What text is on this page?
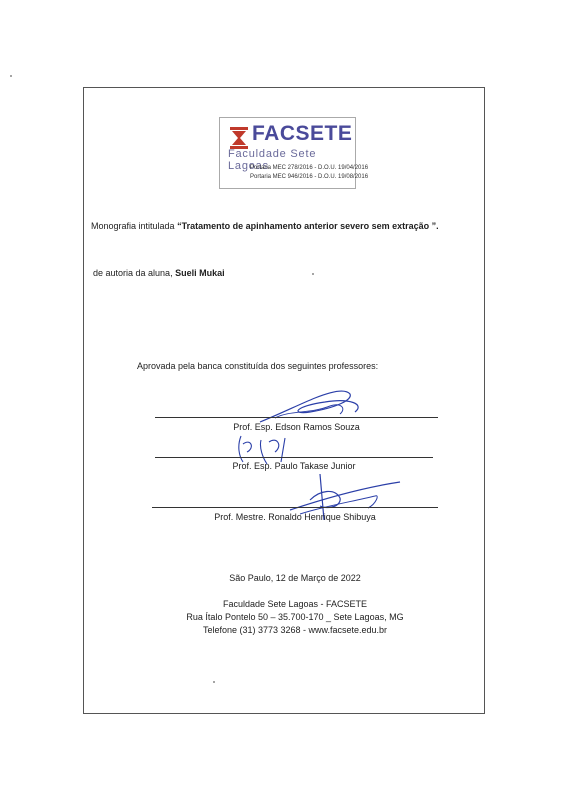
FACSETE
Faculdade Sete Lagoas
Portaria MEC 278/2016 - D.O.U. 19/04/2016
Portaria MEC 946/2016 - D.O.U. 19/08/2016
Monografia intitulada “Tratamento de apinhamento anterior severo sem extração ”.
de autoria da aluna, Sueli Mukai
Aprovada pela banca constituída dos seguintes professores:
Prof. Esp. Edson Ramos Souza
Prof. Esp. Paulo Takase Junior
Prof. Mestre. Ronaldo Henrique Shibuya
São Paulo, 12 de Março de 2022
Faculdade Sete Lagoas - FACSETE
Rua Ítalo Pontelo 50 – 35.700-170 _ Sete Lagoas, MG
Telefone (31) 3773 3268 - www.facsete.edu.br
